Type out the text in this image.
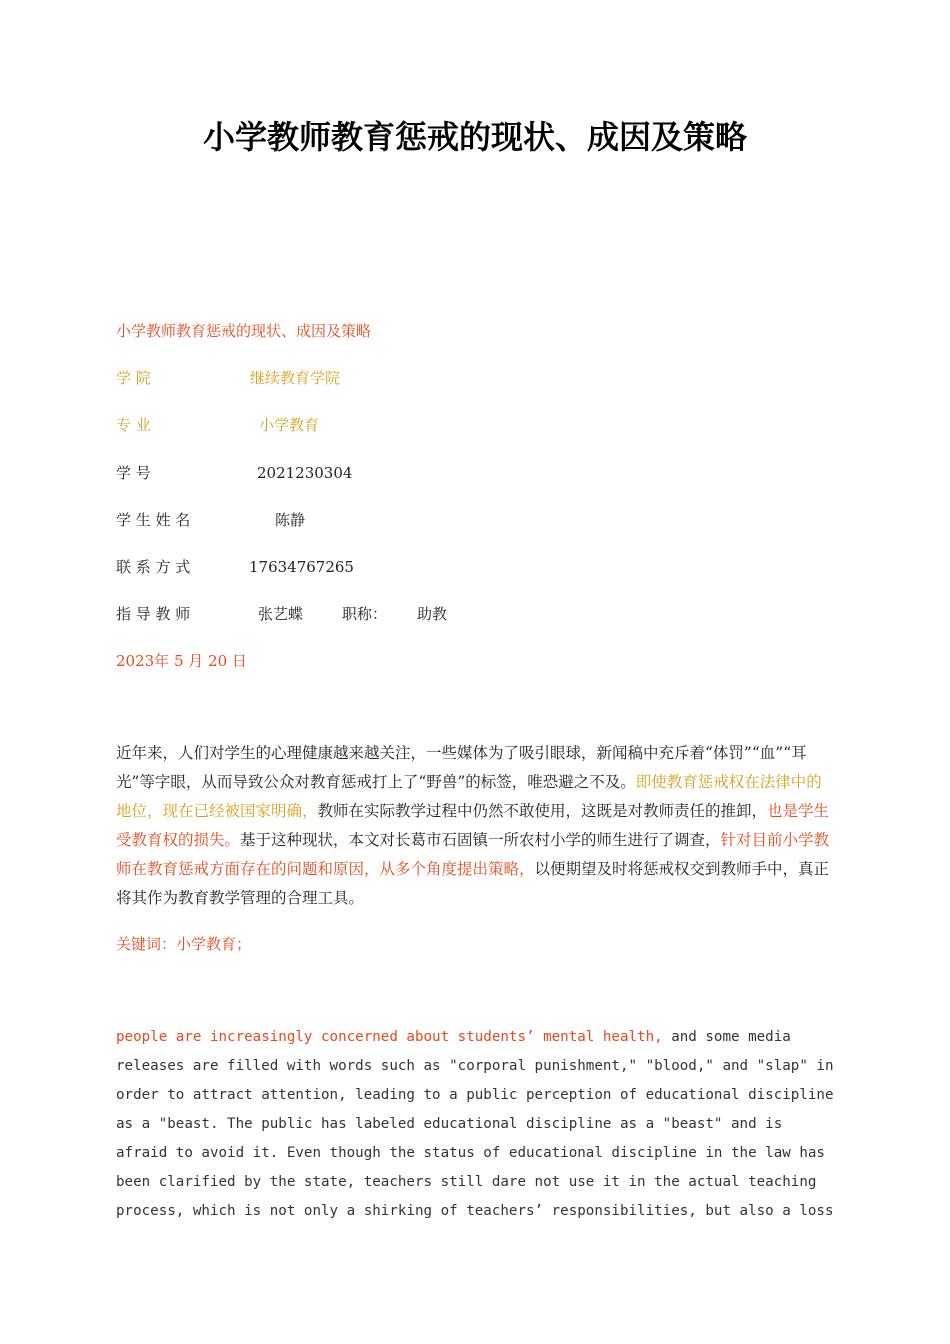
小学教师教育惩戒的现状、成因及策略
小学教师教育惩戒的现状、成因及策略
学 院	继续教育学院
专 业	小学教育
学 号	2021230304
学 生 姓 名	陈静
联 系 方 式	17634767265
指 导 教 师	张艺蝶	职称： 助教
2023年 5 月 20 日
近年来，人们对学生的心理健康越来越关注，一些媒体为了吸引眼球，新闻稿中充斥着“体罚”“血”“耳光”等字眼，从而导致公众对教育惩戒打上了“野兽”的标签，唯恐避之不及。即使教育惩戒权在法律中的地位，现在已经被国家明确，教师在实际教学过程中仍然不敢使用，这既是对教师责任的推卸，也是学生受教育权的损失。基于这种现状，本文对长葛市石固镇一所农村小学的师生进行了调查，针对目前小学教师在教育惩戒方面存在的问题和原因，从多个角度提出策略，以便期望及时将惩戒权交到教师手中，真正将其作为教育教学管理的合理工具。
关键词：小学教育；
people are increasingly concerned about students’ mental health, and some media releases are filled with words such as "corporal punishment," "blood," and "slap" in order to attract attention, leading to a public perception of educational discipline as a "beast. The public has labeled educational discipline as a "beast" and is afraid to avoid it. Even though the status of educational discipline in the law has been clarified by the state, teachers still dare not use it in the actual teaching process, which is not only a shirking of teachers’ responsibilities, but also a loss
